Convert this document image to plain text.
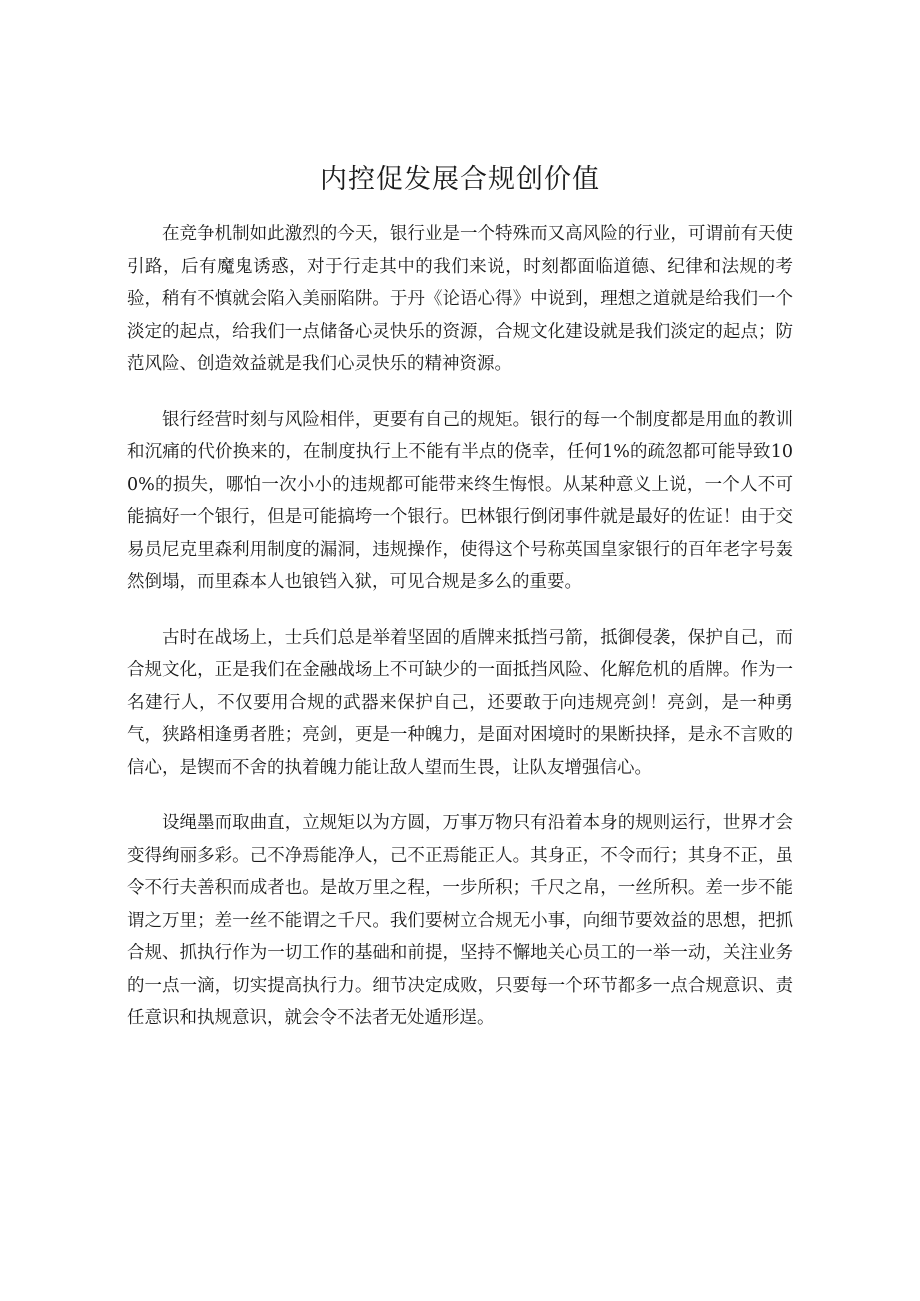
内控促发展合规创价值

在竞争机制如此激烈的今天，银行业是一个特殊而又高风险的行业，可谓前有天使引路，后有魔鬼诱惑，对于行走其中的我们来说，时刻都面临道德、纪律和法规的考验，稍有不慎就会陷入美丽陷阱。于丹《论语心得》中说到，理想之道就是给我们一个淡定的起点，给我们一点储备心灵快乐的资源，合规文化建设就是我们淡定的起点；防范风险、创造效益就是我们心灵快乐的精神资源。

银行经营时刻与风险相伴，更要有自己的规矩。银行的每一个制度都是用血的教训和沉痛的代价换来的，在制度执行上不能有半点的侥幸，任何1%的疏忽都可能导致100%的损失，哪怕一次小小的违规都可能带来终生悔恨。从某种意义上说，一个人不可能搞好一个银行，但是可能搞垮一个银行。巴林银行倒闭事件就是最好的佐证！由于交易员尼克里森利用制度的漏洞，违规操作，使得这个号称英国皇家银行的百年老字号轰然倒塌，而里森本人也锒铛入狱，可见合规是多么的重要。

古时在战场上，士兵们总是举着坚固的盾牌来抵挡弓箭，抵御侵袭，保护自己，而合规文化，正是我们在金融战场上不可缺少的一面抵挡风险、化解危机的盾牌。作为一名建行人，不仅要用合规的武器来保护自己，还要敢于向违规亮剑！亮剑，是一种勇气，狭路相逢勇者胜；亮剑，更是一种魄力，是面对困境时的果断抉择，是永不言败的信心，是锲而不舍的执着魄力能让敌人望而生畏，让队友增强信心。

设绳墨而取曲直，立规矩以为方圆，万事万物只有沿着本身的规则运行，世界才会变得绚丽多彩。己不净焉能净人，己不正焉能正人。其身正，不令而行；其身不正，虽令不行夫善积而成者也。是故万里之程，一步所积；千尺之帛，一丝所积。差一步不能谓之万里；差一丝不能谓之千尺。我们要树立合规无小事，向细节要效益的思想，把抓合规、抓执行作为一切工作的基础和前提，坚持不懈地关心员工的一举一动，关注业务的一点一滴，切实提高执行力。细节决定成败，只要每一个环节都多一点合规意识、责任意识和执规意识，就会令不法者无处遁形逞。
